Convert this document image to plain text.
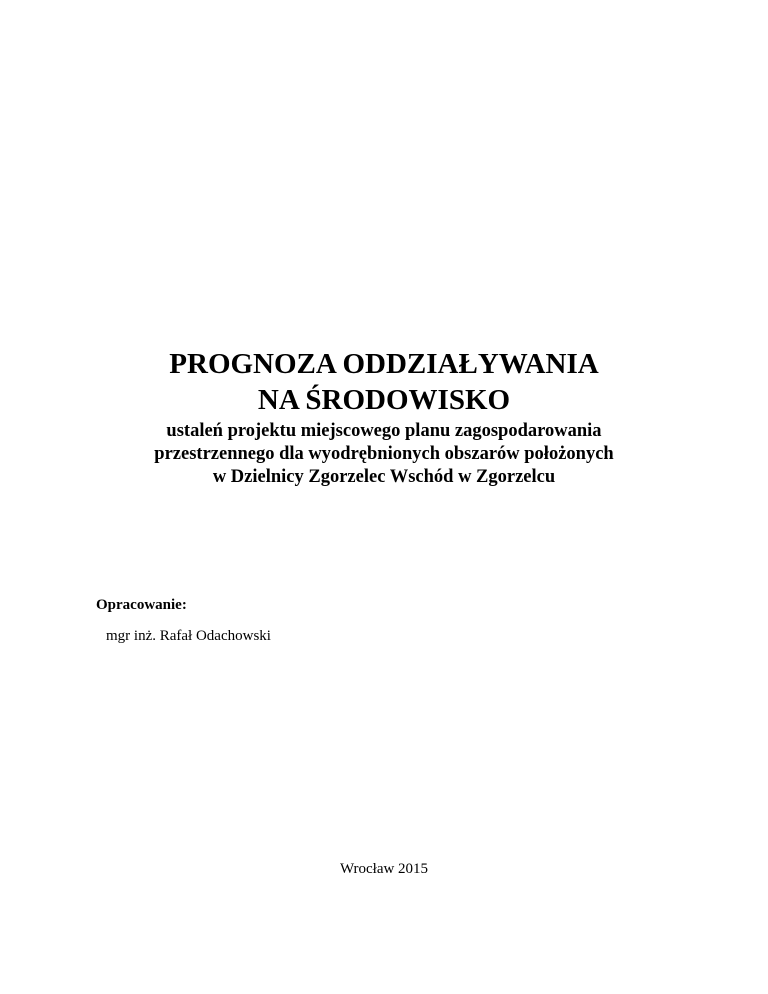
PROGNOZA ODDZIAŁYWANIA

NA ŚRODOWISKO

ustaleń projektu miejscowego planu zagospodarowania

przestrzennego dla wyodrębnionych obszarów położonych

w Dzielnicy Zgorzelec Wschód w Zgorzelcu

Opracowanie:
mgr inż. Rafał Odachowski
Wrocław 2015
